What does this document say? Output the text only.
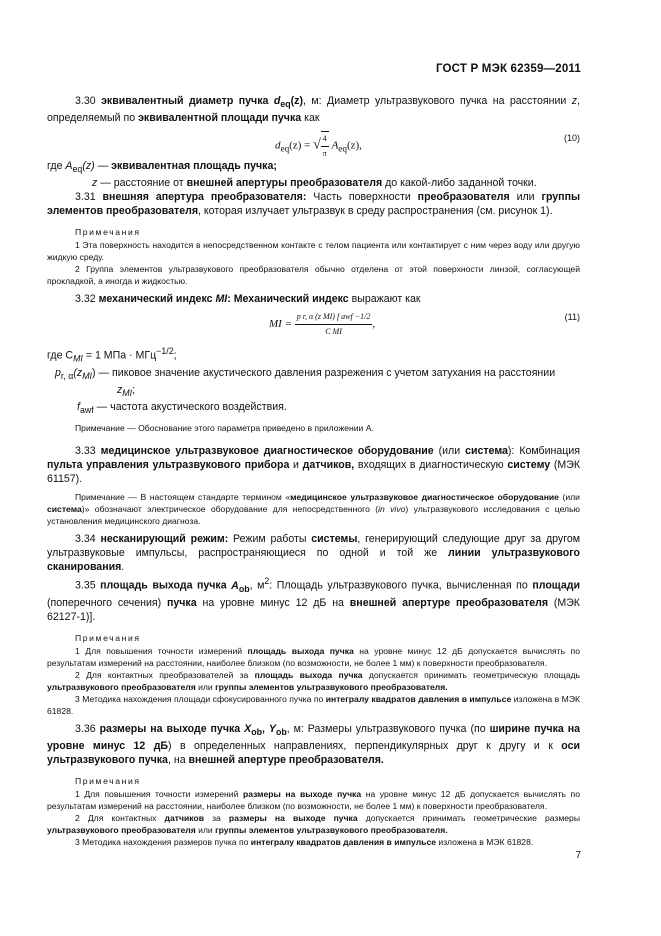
ГОСТ Р МЭК 62359—2011

3.30 эквивалентный диаметр пучка $d_{eq}(z)$, м: Диаметр ультразвукового пучка на расстоянии z, определяемый по эквивалентной площади пучка как

$d_{eq}(z)$ = √ $\frac{4}{\pi} A_{eq}(z)$,
(10)

где $A_{eq}(z)$ — эквивалентная площадь пучка;

z — расстояние от внешней апертуры преобразователя до какой-либо заданной точки.

3.31 внешняя апертура преобразователя: Часть поверхности преобразователя или группы элементов преобразователя, которая излучает ультразвук в среду распространения (см. рисунок 1).

Примечания

1 Эта поверхность находится в непосредственном контакте с телом пациента или контактирует с ним через воду или другую жидкую среду.

2 Группа элементов ультразвукового преобразователя обычно отделена от этой поверхности линзой, согласующей прокладкой, а иногда и жидкостью.

3.32 механический индекс MI: Механический индекс выражают как

MI = $\frac{\text{p r, α (z MI) f awf −1/2}}{\text{C MI}}$ ,
(11)

где $C_{MI} = 1$ МПа · МГц$^{-1/2}$;

$p_{r, \alpha}(z_{MI})$ — пиковое значение акустического давления разрежения с учетом затухания на расстоянии

$z_{MI}$;

$f_{awf}$ — частота акустического воздействия.

Примечание — Обоснование этого параметра приведено в приложении А.

3.33 медицинское ультразвуковое диагностическое оборудование (или система): Комбинация пульта управления ультразвукового прибора и датчиков, входящих в диагностическую систему (МЭК 61157).

Примечание — В настоящем стандарте термином «медицинское ультразвуковое диагностическое оборудование (или система)» обозначают электрическое оборудование для непосредственного (in vivo) ультразвукового исследования с целью установления медицинского диагноза.

3.34 несканирующий режим: Режим работы системы, генерирующий следующие друг за другом ультразвуковые импульсы, распространяющиеся по одной и той же линии ультразвукового сканирования.

3.35 площадь выхода пучка $A_{ob}$, $м^2$: Площадь ультразвукового пучка, вычисленная по площади (поперечного сечения) пучка на уровне минус 12 дБ на внешней апертуре преобразователя (МЭК 62127-1)].

Примечания

1 Для повышения точности измерений площадь выхода пучка на уровне минус 12 дБ допускается вычислять по результатам измерений на расстоянии, наиболее близком (по возможности, не более 1 мм) к поверхности преобразователя.

2 Для контактных преобразователей за площадь выхода пучка допускается принимать геометрическую площадь ультразвукового преобразователя или группы элементов ультразвукового преобразователя.

3 Методика нахождения площади сфокусированного пучка по интегралу квадратов давления в импульсе изложена в МЭК 61828.

3.36 размеры на выходе пучка $X_{ob}$, $Y_{ob}$, м: Размеры ультразвукового пучка (по ширине пучка на уровне минус 12 дБ) в определенных направлениях, перпендикулярных друг к другу и к оси ультразвукового пучка, на внешней апертуре преобразователя.

Примечания

1 Для повышения точности измерений размеры на выходе пучка на уровне минус 12 дБ допускается вычислять по результатам измерений на расстоянии, наиболее близком (по возможности, не более 1 мм) к поверхности преобразователя.

2 Для контактных датчиков за размеры на выходе пучка допускается принимать геометрические размеры ультразвукового преобразователя или группы элементов ультразвукового преобразователя.

3 Методика нахождения размеров пучка по интегралу квадратов давления в импульсе изложена в МЭК 61828.

7
